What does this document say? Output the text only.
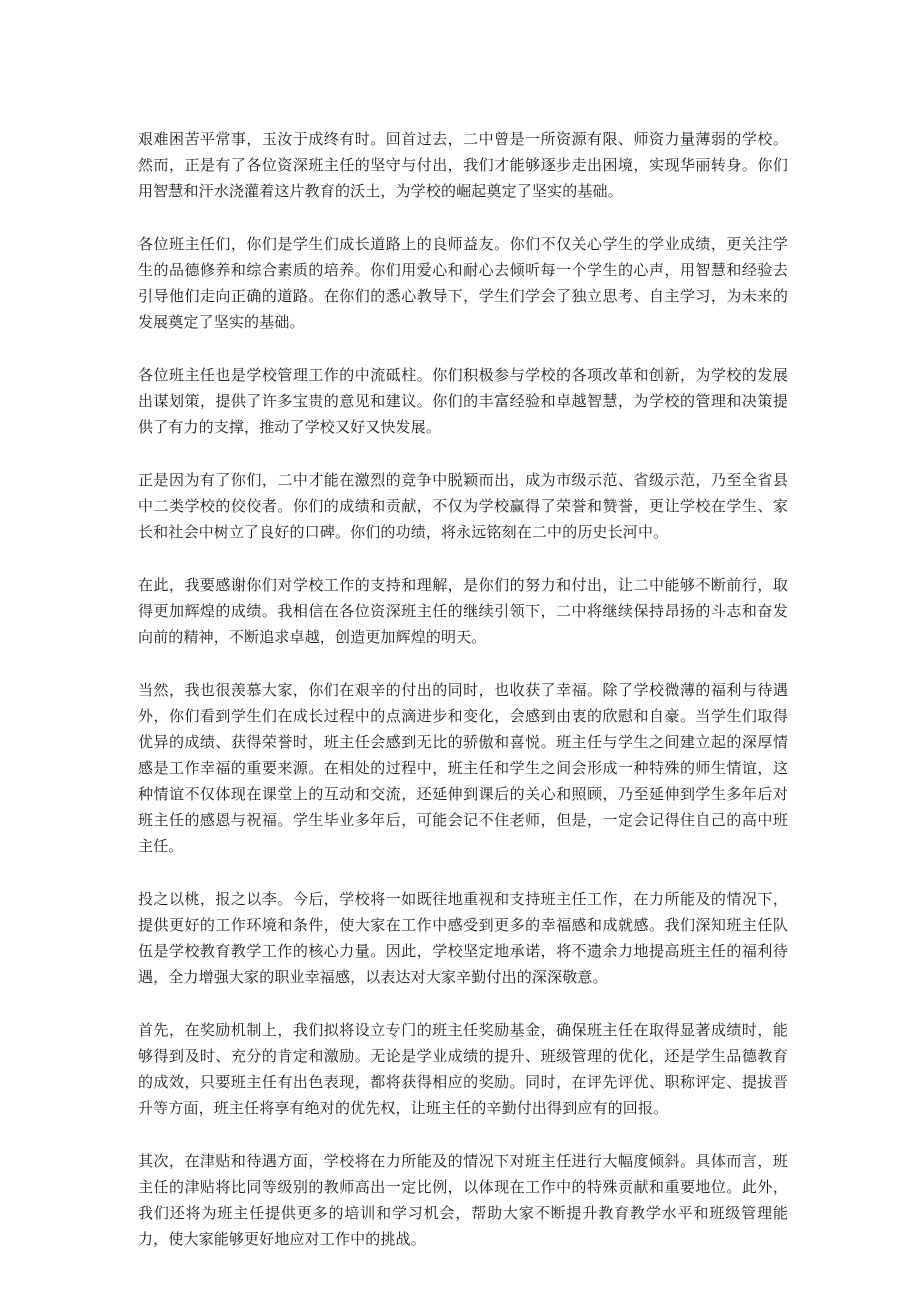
艰难困苦平常事，玉汝于成终有时。回首过去，二中曾是一所资源有限、师资力量薄弱的学校。然而，正是有了各位资深班主任的坚守与付出，我们才能够逐步走出困境，实现华丽转身。你们用智慧和汗水浇灌着这片教育的沃土，为学校的崛起奠定了坚实的基础。

各位班主任们，你们是学生们成长道路上的良师益友。你们不仅关心学生的学业成绩，更关注学生的品德修养和综合素质的培养。你们用爱心和耐心去倾听每一个学生的心声，用智慧和经验去引导他们走向正确的道路。在你们的悉心教导下，学生们学会了独立思考、自主学习，为未来的发展奠定了坚实的基础。

各位班主任也是学校管理工作的中流砥柱。你们积极参与学校的各项改革和创新，为学校的发展出谋划策，提供了许多宝贵的意见和建议。你们的丰富经验和卓越智慧，为学校的管理和决策提供了有力的支撑，推动了学校又好又快发展。

正是因为有了你们，二中才能在激烈的竞争中脱颖而出，成为市级示范、省级示范，乃至全省县中二类学校的佼佼者。你们的成绩和贡献，不仅为学校赢得了荣誉和赞誉，更让学校在学生、家长和社会中树立了良好的口碑。你们的功绩，将永远铭刻在二中的历史长河中。

在此，我要感谢你们对学校工作的支持和理解，是你们的努力和付出，让二中能够不断前行，取得更加辉煌的成绩。我相信在各位资深班主任的继续引领下，二中将继续保持昂扬的斗志和奋发向前的精神，不断追求卓越，创造更加辉煌的明天。

当然，我也很羡慕大家，你们在艰辛的付出的同时，也收获了幸福。除了学校微薄的福利与待遇外，你们看到学生们在成长过程中的点滴进步和变化，会感到由衷的欣慰和自豪。当学生们取得优异的成绩、获得荣誉时，班主任会感到无比的骄傲和喜悦。班主任与学生之间建立起的深厚情感是工作幸福的重要来源。在相处的过程中，班主任和学生之间会形成一种特殊的师生情谊，这种情谊不仅体现在课堂上的互动和交流，还延伸到课后的关心和照顾，乃至延伸到学生多年后对班主任的感恩与祝福。学生毕业多年后，可能会记不住老师，但是，一定会记得住自己的高中班主任。

投之以桃，报之以李。今后，学校将一如既往地重视和支持班主任工作，在力所能及的情况下，提供更好的工作环境和条件，使大家在工作中感受到更多的幸福感和成就感。我们深知班主任队伍是学校教育教学工作的核心力量。因此，学校坚定地承诺，将不遗余力地提高班主任的福利待遇，全力增强大家的职业幸福感，以表达对大家辛勤付出的深深敬意。

首先，在奖励机制上，我们拟将设立专门的班主任奖励基金，确保班主任在取得显著成绩时，能够得到及时、充分的肯定和激励。无论是学业成绩的提升、班级管理的优化，还是学生品德教育的成效，只要班主任有出色表现，都将获得相应的奖励。同时，在评先评优、职称评定、提拔晋升等方面，班主任将享有绝对的优先权，让班主任的辛勤付出得到应有的回报。

其次，在津贴和待遇方面，学校将在力所能及的情况下对班主任进行大幅度倾斜。具体而言，班主任的津贴将比同等级别的教师高出一定比例，以体现在工作中的特殊贡献和重要地位。此外，我们还将为班主任提供更多的培训和学习机会，帮助大家不断提升教育教学水平和班级管理能力，使大家能够更好地应对工作中的挑战。
